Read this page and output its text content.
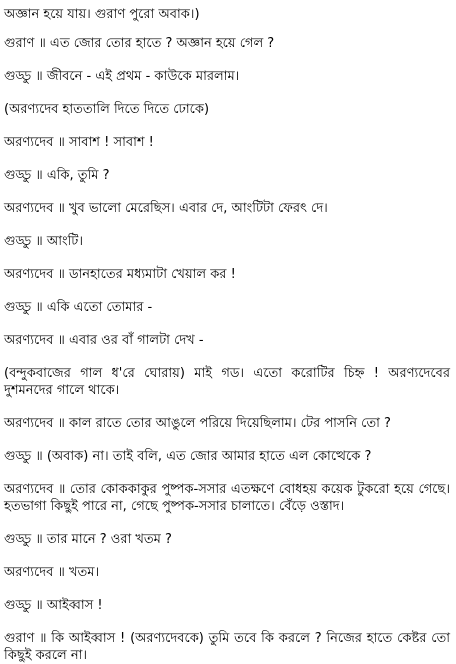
অজ্ঞান হয়ে যায়। গুরাণ পুরো অবাক।)
গুরাণ ॥ এত জোর তোর হাতে ? অজ্ঞান হয়ে গেল ?
গুড্ডু ॥ জীবনে - এই প্রথম - কাউকে মারলাম।
(অরণ্যদেব হাততালি দিতে দিতে ঢোকে)
অরণ্যদেব ॥ সাবাশ ! সাবাশ !
গুড্ডু ॥ একি, তুমি ?
অরণ্যদেব ॥ খুব ভালো মেরেছিস। এবার দে, আংটিটা ফেরৎ দে।
গুড্ডু ॥ আংটি।
অরণ্যদেব ॥ ডানহাতের মধ্যমাটা খেয়াল কর !
গুড্ডু ॥ একি এতো তোমার -
অরণ্যদেব ॥ এবার ওর বাঁ গালটা দেখ -
(বন্দুকবাজের গাল ধ'রে ঘোরায়) মাই গড। এতো করোটির চিহ্ন ! অরণ্যদেবের দুশমনদের গালে থাকে।
অরণ্যদেব ॥ কাল রাতে তোর আঙুলে পরিয়ে দিয়েছিলাম। টের পাসনি তো ?
গুড্ডু ॥ (অবাক) না। তাই বলি, এত জোর আমার হাতে এল কোত্থেকে ?
অরণ্যদেব ॥ তোর কোককাকুর পুষ্পক-সসার এতক্ষণে বোধহয় কয়েক টুকরো হয়ে গেছে। হতভাগা কিছুই পারে না, গেছে পুষ্পক-সসার চালাতে। বেঁড়ে ওস্তাদ।
গুড্ডু ॥ তার মানে ? ওরা খতম ?
অরণ্যদেব ॥ খতম।
গুড্ডু ॥ আইব্বাস !
গুরাণ ॥ কি আইব্বাস ! (অরণ্যদেবকে) তুমি তবে কি করলে ? নিজের হাতে কেষ্টর তো কিছুই করলে না।
